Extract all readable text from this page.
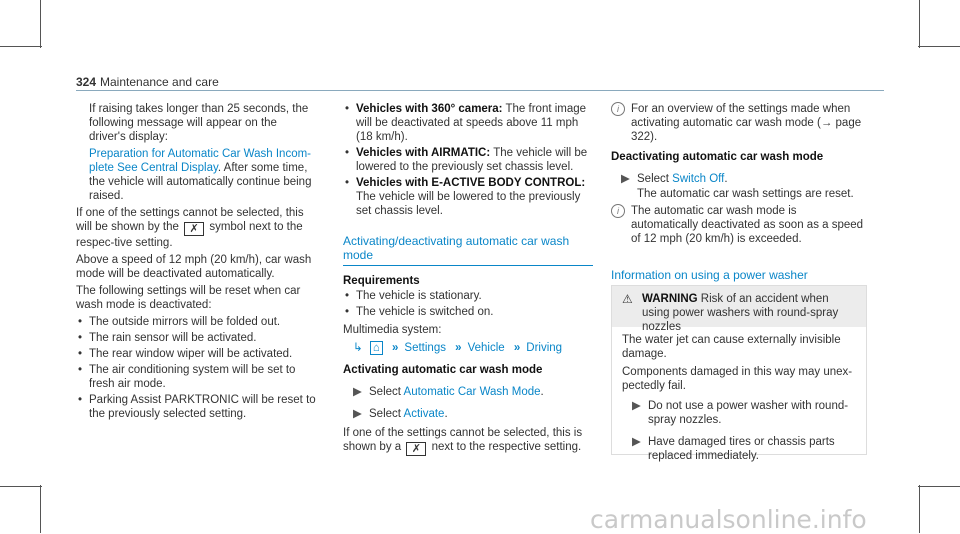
324 Maintenance and care

If raising takes longer than 25 seconds, the following message will appear on the driver's display:

Preparation for Automatic Car Wash Incom-plete See Central Display. After some time, the vehicle will automatically continue being raised.

If one of the settings cannot be selected, this will be shown by the ✗ symbol next to the respec-tive setting.

Above a speed of 12 mph (20 km/h), car wash mode will be deactivated automatically.

The following settings will be reset when car wash mode is deactivated:

• The outside mirrors will be folded out.
• The rain sensor will be activated.
• The rear window wiper will be activated.
• The air conditioning system will be set to fresh air mode.
• Parking Assist PARKTRONIC will be reset to the previously selected setting.
• Vehicles with 360° camera: The front image will be deactivated at speeds above 11 mph (18 km/h).
• Vehicles with AIRMATIC: The vehicle will be lowered to the previously set chassis level.
• Vehicles with E-ACTIVE BODY CONTROL: The vehicle will be lowered to the previously set chassis level.
Activating/deactivating automatic car wash mode

Requirements

• The vehicle is stationary.
• The vehicle is switched on.

Multimedia system:

↳ ⌂ » Settings » Vehicle » Driving

Activating automatic car wash mode

▶ Select Automatic Car Wash Mode.
▶ Select Activate.

If one of the settings cannot be selected, this is shown by a ✗ next to the respective setting.

i	For an overview of the settings made when activating automatic car wash mode (→ page 322).

Deactivating automatic car wash mode

▶ Select Switch Off.

The automatic car wash settings are reset.

i	The automatic car wash mode is automatically deactivated as soon as a speed of 12 mph (20 km/h) is exceeded.
Information on using a power washer
⚠ WARNING Risk of an accident when using power washers with round-spray nozzles

The water jet can cause externally invisible damage.

Components damaged in this way may unex-pectedly fail.

▶ Do not use a power washer with round-spray nozzles.
▶ Have damaged tires or chassis parts replaced immediately.
carmanualsonline.info
